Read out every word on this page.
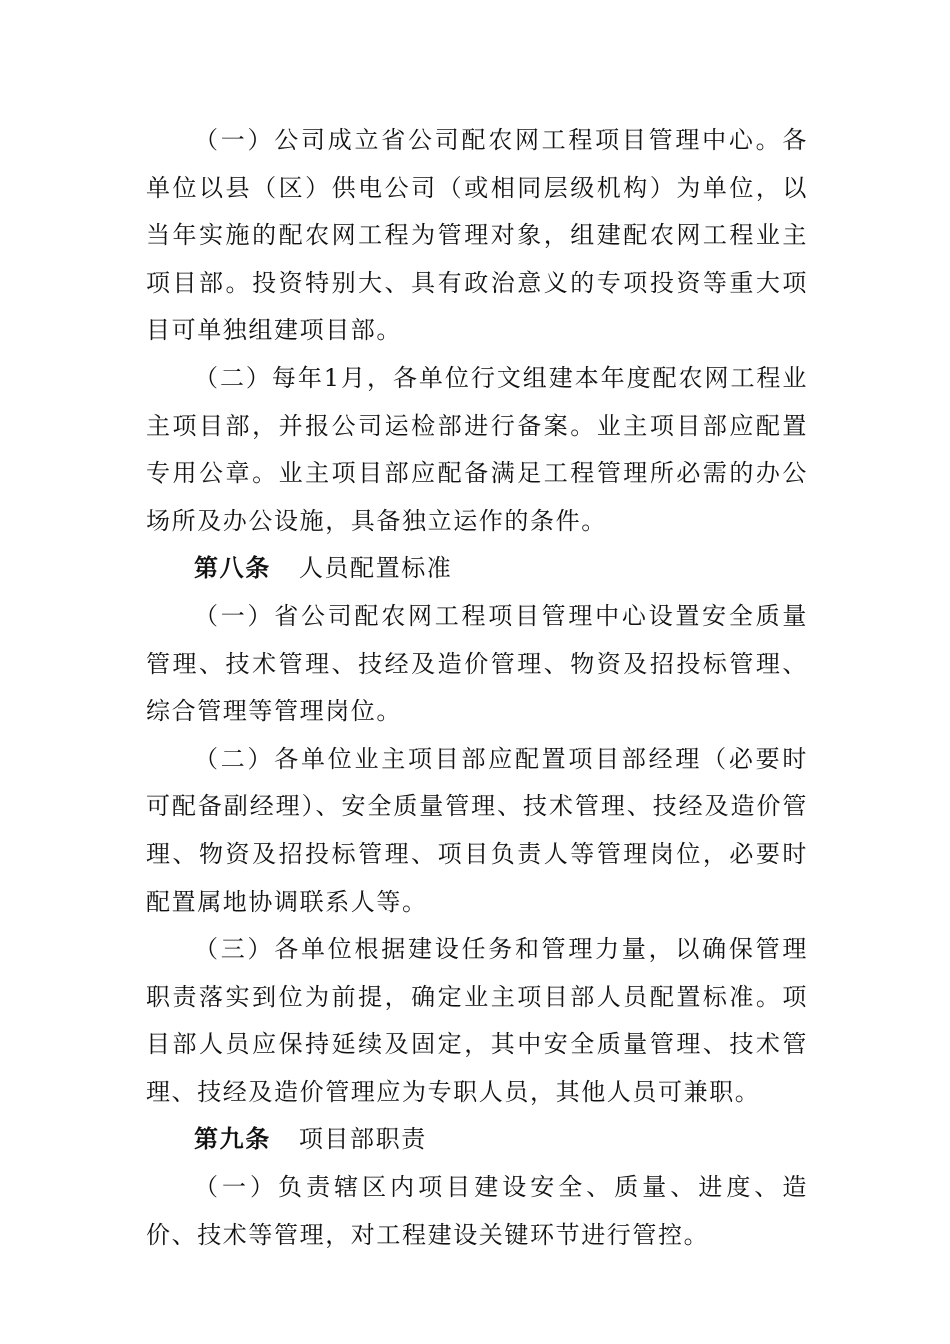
（一）公司成立省公司配农网工程项目管理中心。各单位以县（区）供电公司（或相同层级机构）为单位，以当年实施的配农网工程为管理对象，组建配农网工程业主项目部。投资特别大、具有政治意义的专项投资等重大项目可单独组建项目部。

（二）每年1月，各单位行文组建本年度配农网工程业主项目部，并报公司运检部进行备案。业主项目部应配置专用公章。业主项目部应配备满足工程管理所必需的办公场所及办公设施，具备独立运作的条件。

第八条 人员配置标准

（一）省公司配农网工程项目管理中心设置安全质量管理、技术管理、技经及造价管理、物资及招投标管理、综合管理等管理岗位。

（二）各单位业主项目部应配置项目部经理（必要时可配备副经理）、安全质量管理、技术管理、技经及造价管理、物资及招投标管理、项目负责人等管理岗位，必要时配置属地协调联系人等。

（三）各单位根据建设任务和管理力量，以确保管理职责落实到位为前提，确定业主项目部人员配置标准。项目部人员应保持延续及固定，其中安全质量管理、技术管理、技经及造价管理应为专职人员，其他人员可兼职。

第九条 项目部职责

（一）负责辖区内项目建设安全、质量、进度、造价、技术等管理，对工程建设关键环节进行管控。
